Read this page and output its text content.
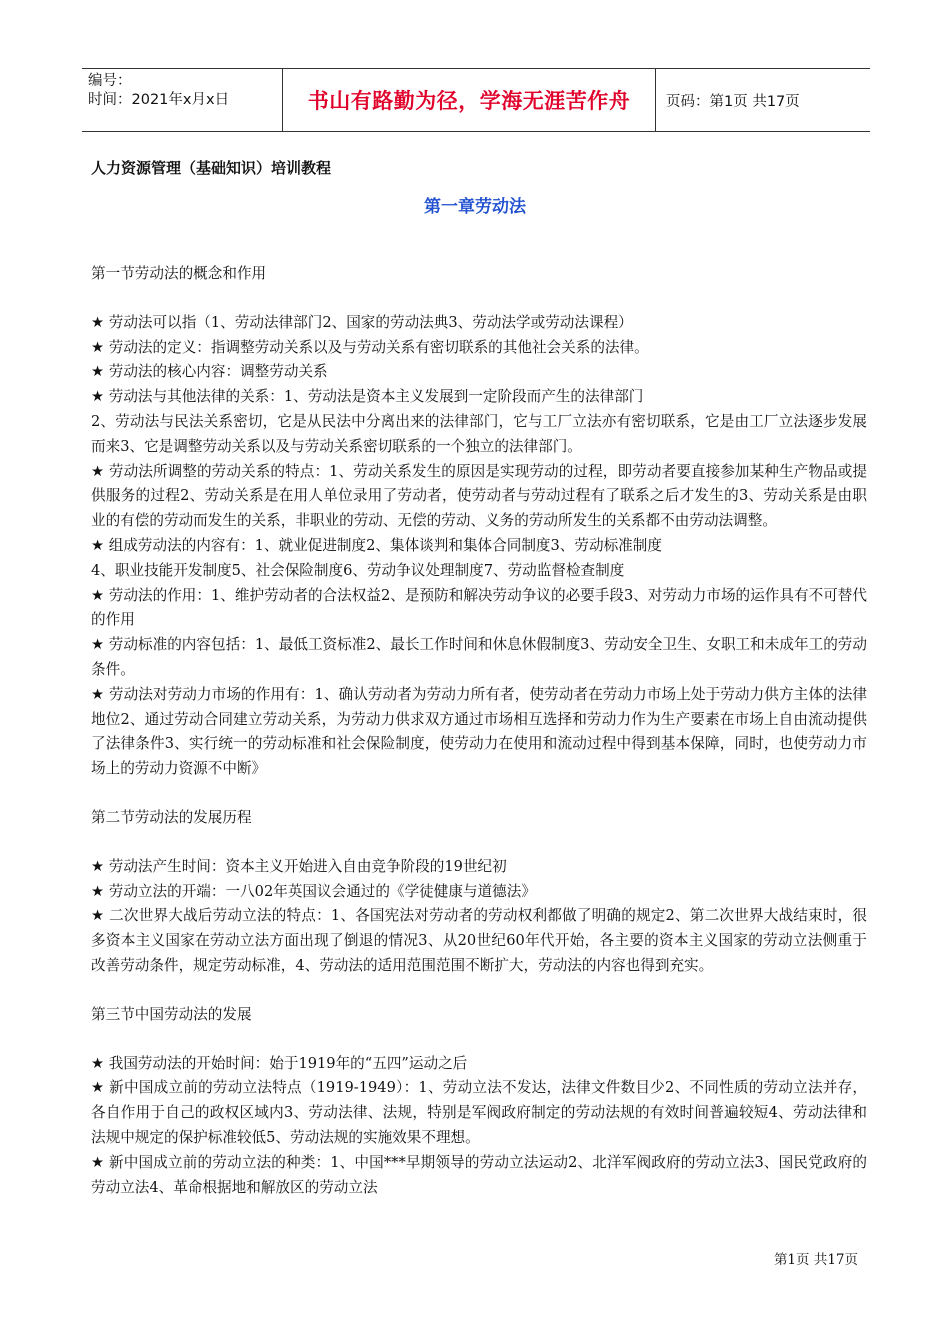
编号：
时间：2021年x月x日	书山有路勤为径，学海无涯苦作舟	页码：第1页 共17页
人力资源管理（基础知识）培训教程
第一章劳动法

第一节劳动法的概念和作用

★ 劳动法可以指（1、劳动法律部门2、国家的劳动法典3、劳动法学或劳动法课程）

★ 劳动法的定义：指调整劳动关系以及与劳动关系有密切联系的其他社会关系的法律。

★ 劳动法的核心内容：调整劳动关系

★ 劳动法与其他法律的关系：1、劳动法是资本主义发展到一定阶段而产生的法律部门

2、劳动法与民法关系密切，它是从民法中分离出来的法律部门，它与工厂立法亦有密切联系，它是由工厂立法逐步发展而来3、它是调整劳动关系以及与劳动关系密切联系的一个独立的法律部门。

★ 劳动法所调整的劳动关系的特点：1、劳动关系发生的原因是实现劳动的过程，即劳动者要直接参加某种生产物品或提供服务的过程2、劳动关系是在用人单位录用了劳动者，使劳动者与劳动过程有了联系之后才发生的3、劳动关系是由职业的有偿的劳动而发生的关系，非职业的劳动、无偿的劳动、义务的劳动所发生的关系都不由劳动法调整。

★ 组成劳动法的内容有：1、就业促进制度2、集体谈判和集体合同制度3、劳动标准制度

4、职业技能开发制度5、社会保险制度6、劳动争议处理制度7、劳动监督检查制度

★ 劳动法的作用：1、维护劳动者的合法权益2、是预防和解决劳动争议的必要手段3、对劳动力市场的运作具有不可替代的作用

★ 劳动标准的内容包括：1、最低工资标准2、最长工作时间和休息休假制度3、劳动安全卫生、女职工和未成年工的劳动条件。

★ 劳动法对劳动力市场的作用有：1、确认劳动者为劳动力所有者，使劳动者在劳动力市场上处于劳动力供方主体的法律地位2、通过劳动合同建立劳动关系，为劳动力供求双方通过市场相互选择和劳动力作为生产要素在市场上自由流动提供了法律条件3、实行统一的劳动标准和社会保险制度，使劳动力在使用和流动过程中得到基本保障，同时，也使劳动力市场上的劳动力资源不中断》

第二节劳动法的发展历程

★ 劳动法产生时间：资本主义开始进入自由竞争阶段的19世纪初

★ 劳动立法的开端：一八02年英国议会通过的《学徒健康与道德法》

★ 二次世界大战后劳动立法的特点：1、各国宪法对劳动者的劳动权利都做了明确的规定2、第二次世界大战结束时，很多资本主义国家在劳动立法方面出现了倒退的情况3、从20世纪60年代开始，各主要的资本主义国家的劳动立法侧重于改善劳动条件，规定劳动标准，4、劳动法的适用范围范围不断扩大，劳动法的内容也得到充实。

第三节中国劳动法的发展

★ 我国劳动法的开始时间：始于1919年的“五四”运动之后

★ 新中国成立前的劳动立法特点（1919-1949）：1、劳动立法不发达，法律文件数目少2、不同性质的劳动立法并存，各自作用于自己的政权区域内3、劳动法律、法规，特别是军阀政府制定的劳动法规的有效时间普遍较短4、劳动法律和法规中规定的保护标准较低5、劳动法规的实施效果不理想。

★ 新中国成立前的劳动立法的种类：1、中国***早期领导的劳动立法运动2、北洋军阀政府的劳动立法3、国民党政府的劳动立法4、革命根据地和解放区的劳动立法

第1页 共17页
